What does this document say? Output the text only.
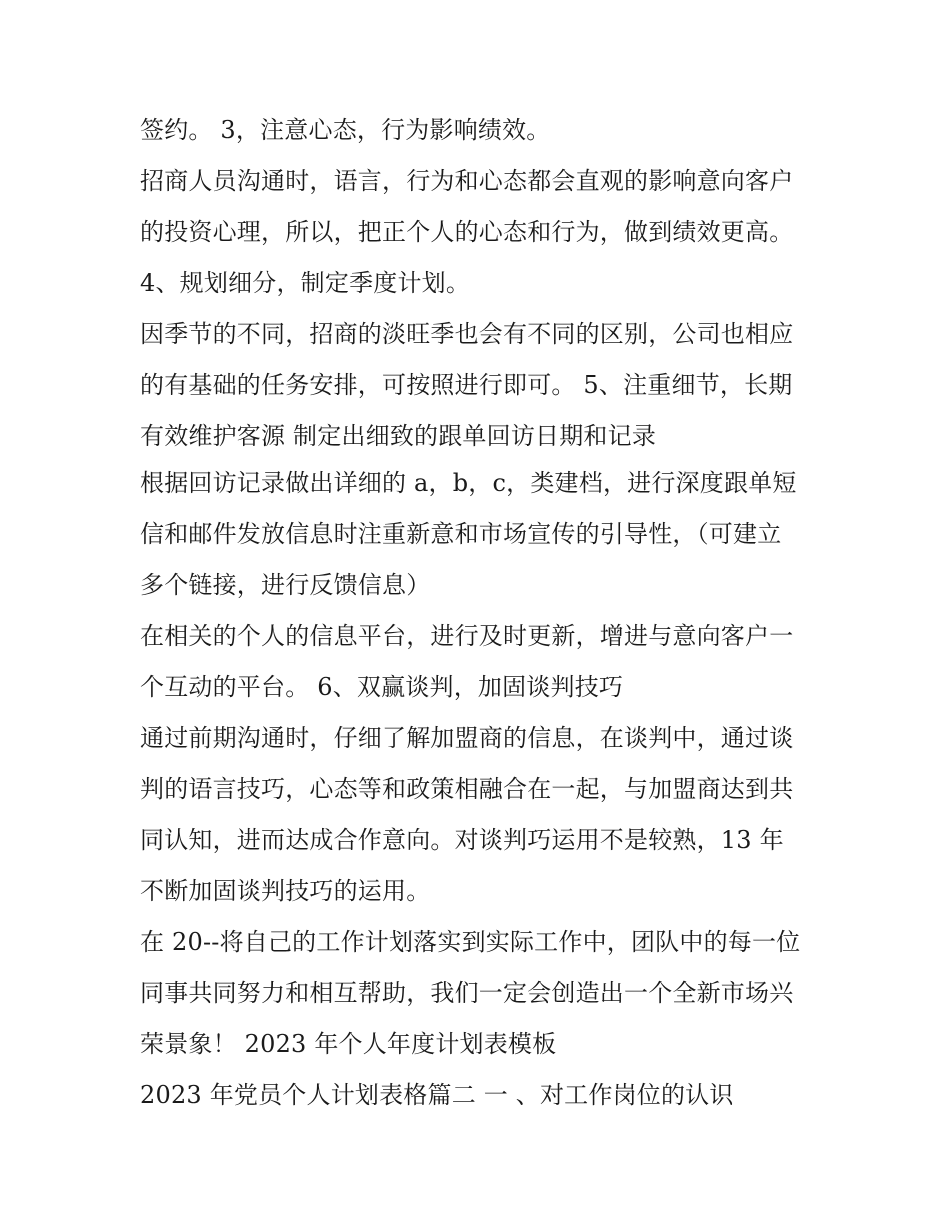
签约。 3，注意心态，行为影响绩效。
招商人员沟通时，语言，行为和心态都会直观的影响意向客户
的投资心理，所以，把正个人的心态和行为，做到绩效更高。
4、规划细分，制定季度计划。
因季节的不同，招商的淡旺季也会有不同的区别，公司也相应
的有基础的任务安排，可按照进行即可。 5、注重细节，长期
有效维护客源 制定出细致的跟单回访日期和记录
根据回访记录做出详细的 a，b，c，类建档，进行深度跟单短
信和邮件发放信息时注重新意和市场宣传的引导性，（可建立
多个链接，进行反馈信息）
在相关的个人的信息平台，进行及时更新，增进与意向客户一
个互动的平台。 6、双赢谈判，加固谈判技巧
通过前期沟通时，仔细了解加盟商的信息，在谈判中，通过谈
判的语言技巧，心态等和政策相融合在一起，与加盟商达到共
同认知，进而达成合作意向。对谈判巧运用不是较熟，13 年
不断加固谈判技巧的运用。
在 20--将自己的工作计划落实到实际工作中，团队中的每一位
同事共同努力和相互帮助，我们一定会创造出一个全新市场兴
荣景象！ 2023 年个人年度计划表模板
2023 年党员个人计划表格篇二 一 、对工作岗位的认识
